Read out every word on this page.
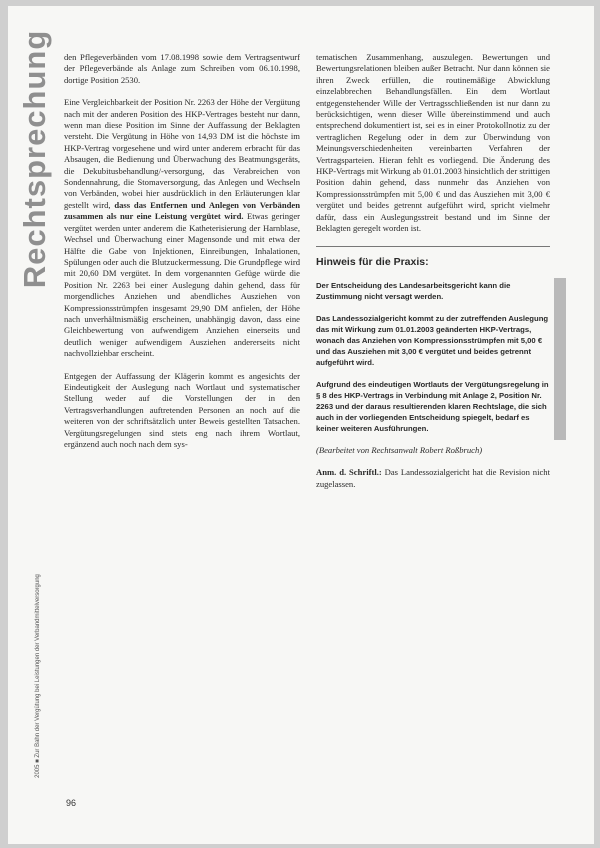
Rechtsprechung
2005 ■ Zur Bahn der Vergütung bei Leistungen der Verbandmittelversorgung

den Pflegeverbänden vom 17.08.1998 sowie dem Vertragsentwurf der Pflegeverbände als Anlage zum Schreiben vom 06.10.1998, dortige Position 2530.

Eine Vergleichbarkeit der Position Nr. 2263 der Höhe der Vergütung nach mit der anderen Position des HKP-Vertrages besteht nur dann, wenn man diese Position im Sinne der Auffassung der Beklagten versteht. Die Vergütung in Höhe von 14,93 DM ist die höchste im HKP-Vertrag vorgesehene und wird unter anderem erbracht für das Absaugen, die Bedienung und Überwachung des Beatmungsgeräts, die Dekubitusbehandlung/-versorgung, das Verabreichen von Sondennahrung, die Stomaversorgung, das Anlegen und Wechseln von Verbänden, wobei hier ausdrücklich in den Erläuterungen klar gestellt wird, dass das Entfernen und Anlegen von Verbänden zusammen als nur eine Leistung vergütet wird. Etwas geringer vergütet werden unter anderem die Katheterisierung der Harnblase, Wechsel und Überwachung einer Magensonde und mit etwa der Hälfte die Gabe von Injektionen, Einreibungen, Inhalationen, Spülungen oder auch die Blutzuckermessung. Die Grundpflege wird mit 20,60 DM vergütet. In dem vorgenannten Gefüge würde die Position Nr. 2263 bei einer Auslegung dahin gehend, dass für morgendliches Anziehen und abendliches Ausziehen von Kompressionsstrümpfen insgesamt 29,90 DM anfielen, der Höhe nach unverhältnismäßig erscheinen, unabhängig davon, dass eine Gleichbewertung von aufwendigem Anziehen einerseits und deutlich weniger aufwendigem Ausziehen andererseits nicht nachvollziehbar erscheint.

Entgegen der Auffassung der Klägerin kommt es angesichts der Eindeutigkeit der Auslegung nach Wortlaut und systematischer Stellung weder auf die Vorstellungen der in den Vertragsverhandlungen auftretenden Personen an noch auf die weiteren von der schriftsätzlich unter Beweis gestellten Tatsachen. Vergütungsregelungen sind stets eng nach ihrem Wortlaut, ergänzend auch noch nach dem sys-

tematischen Zusammenhang, auszulegen. Bewertungen und Bewertungsrelationen bleiben außer Betracht. Nur dann können sie ihren Zweck erfüllen, die routinemäßige Abwicklung einzelabbrechen Behandlungsfällen. Ein dem Wortlaut entgegenstehender Wille der Vertragsschließenden ist nur dann zu berücksichtigen, wenn dieser Wille übereinstimmend und auch entsprechend dokumentiert ist, sei es in einer Protokollnotiz zu der vertraglichen Regelung oder in dem zur Überwindung von Meinungsverschiedenheiten vereinbarten Verfahren der Vertragsparteien. Hieran fehlt es vorliegend. Die Änderung des HKP-Vertrags mit Wirkung ab 01.01.2003 hinsichtlich der strittigen Position dahin gehend, dass nunmehr das Anziehen von Kompressionsstrümpfen mit 5,00 € und das Ausziehen mit 3,00 € vergütet und beides getrennt aufgeführt wird, spricht vielmehr dafür, dass ein Auslegungsstreit bestand und im Sinne der Beklagten geregelt worden ist.

Hinweis für die Praxis:

Der Entscheidung des Landesarbeitsgericht kann die Zustimmung nicht versagt werden.

Das Landessozialgericht kommt zu der zutreffenden Auslegung das mit Wirkung zum 01.01.2003 geänderten HKP-Vertrags, wonach das Anziehen von Kompressionsstrümpfen mit 5,00 € und das Ausziehen mit 3,00 € vergütet und beides getrennt aufgeführt wird.

Aufgrund des eindeutigen Wortlauts der Vergütungsregelung in § 8 des HKP-Vertrags in Verbindung mit Anlage 2, Position Nr. 2263 und der daraus resultierenden klaren Rechtslage, die sich auch in der vorliegenden Entscheidung spiegelt, bedarf es keiner weiteren Ausführungen.

(Bearbeitet von Rechtsanwalt Robert Roßbruch)

Anm. d. Schriftl.: Das Landessozialgericht hat die Revision nicht zugelassen.

96
